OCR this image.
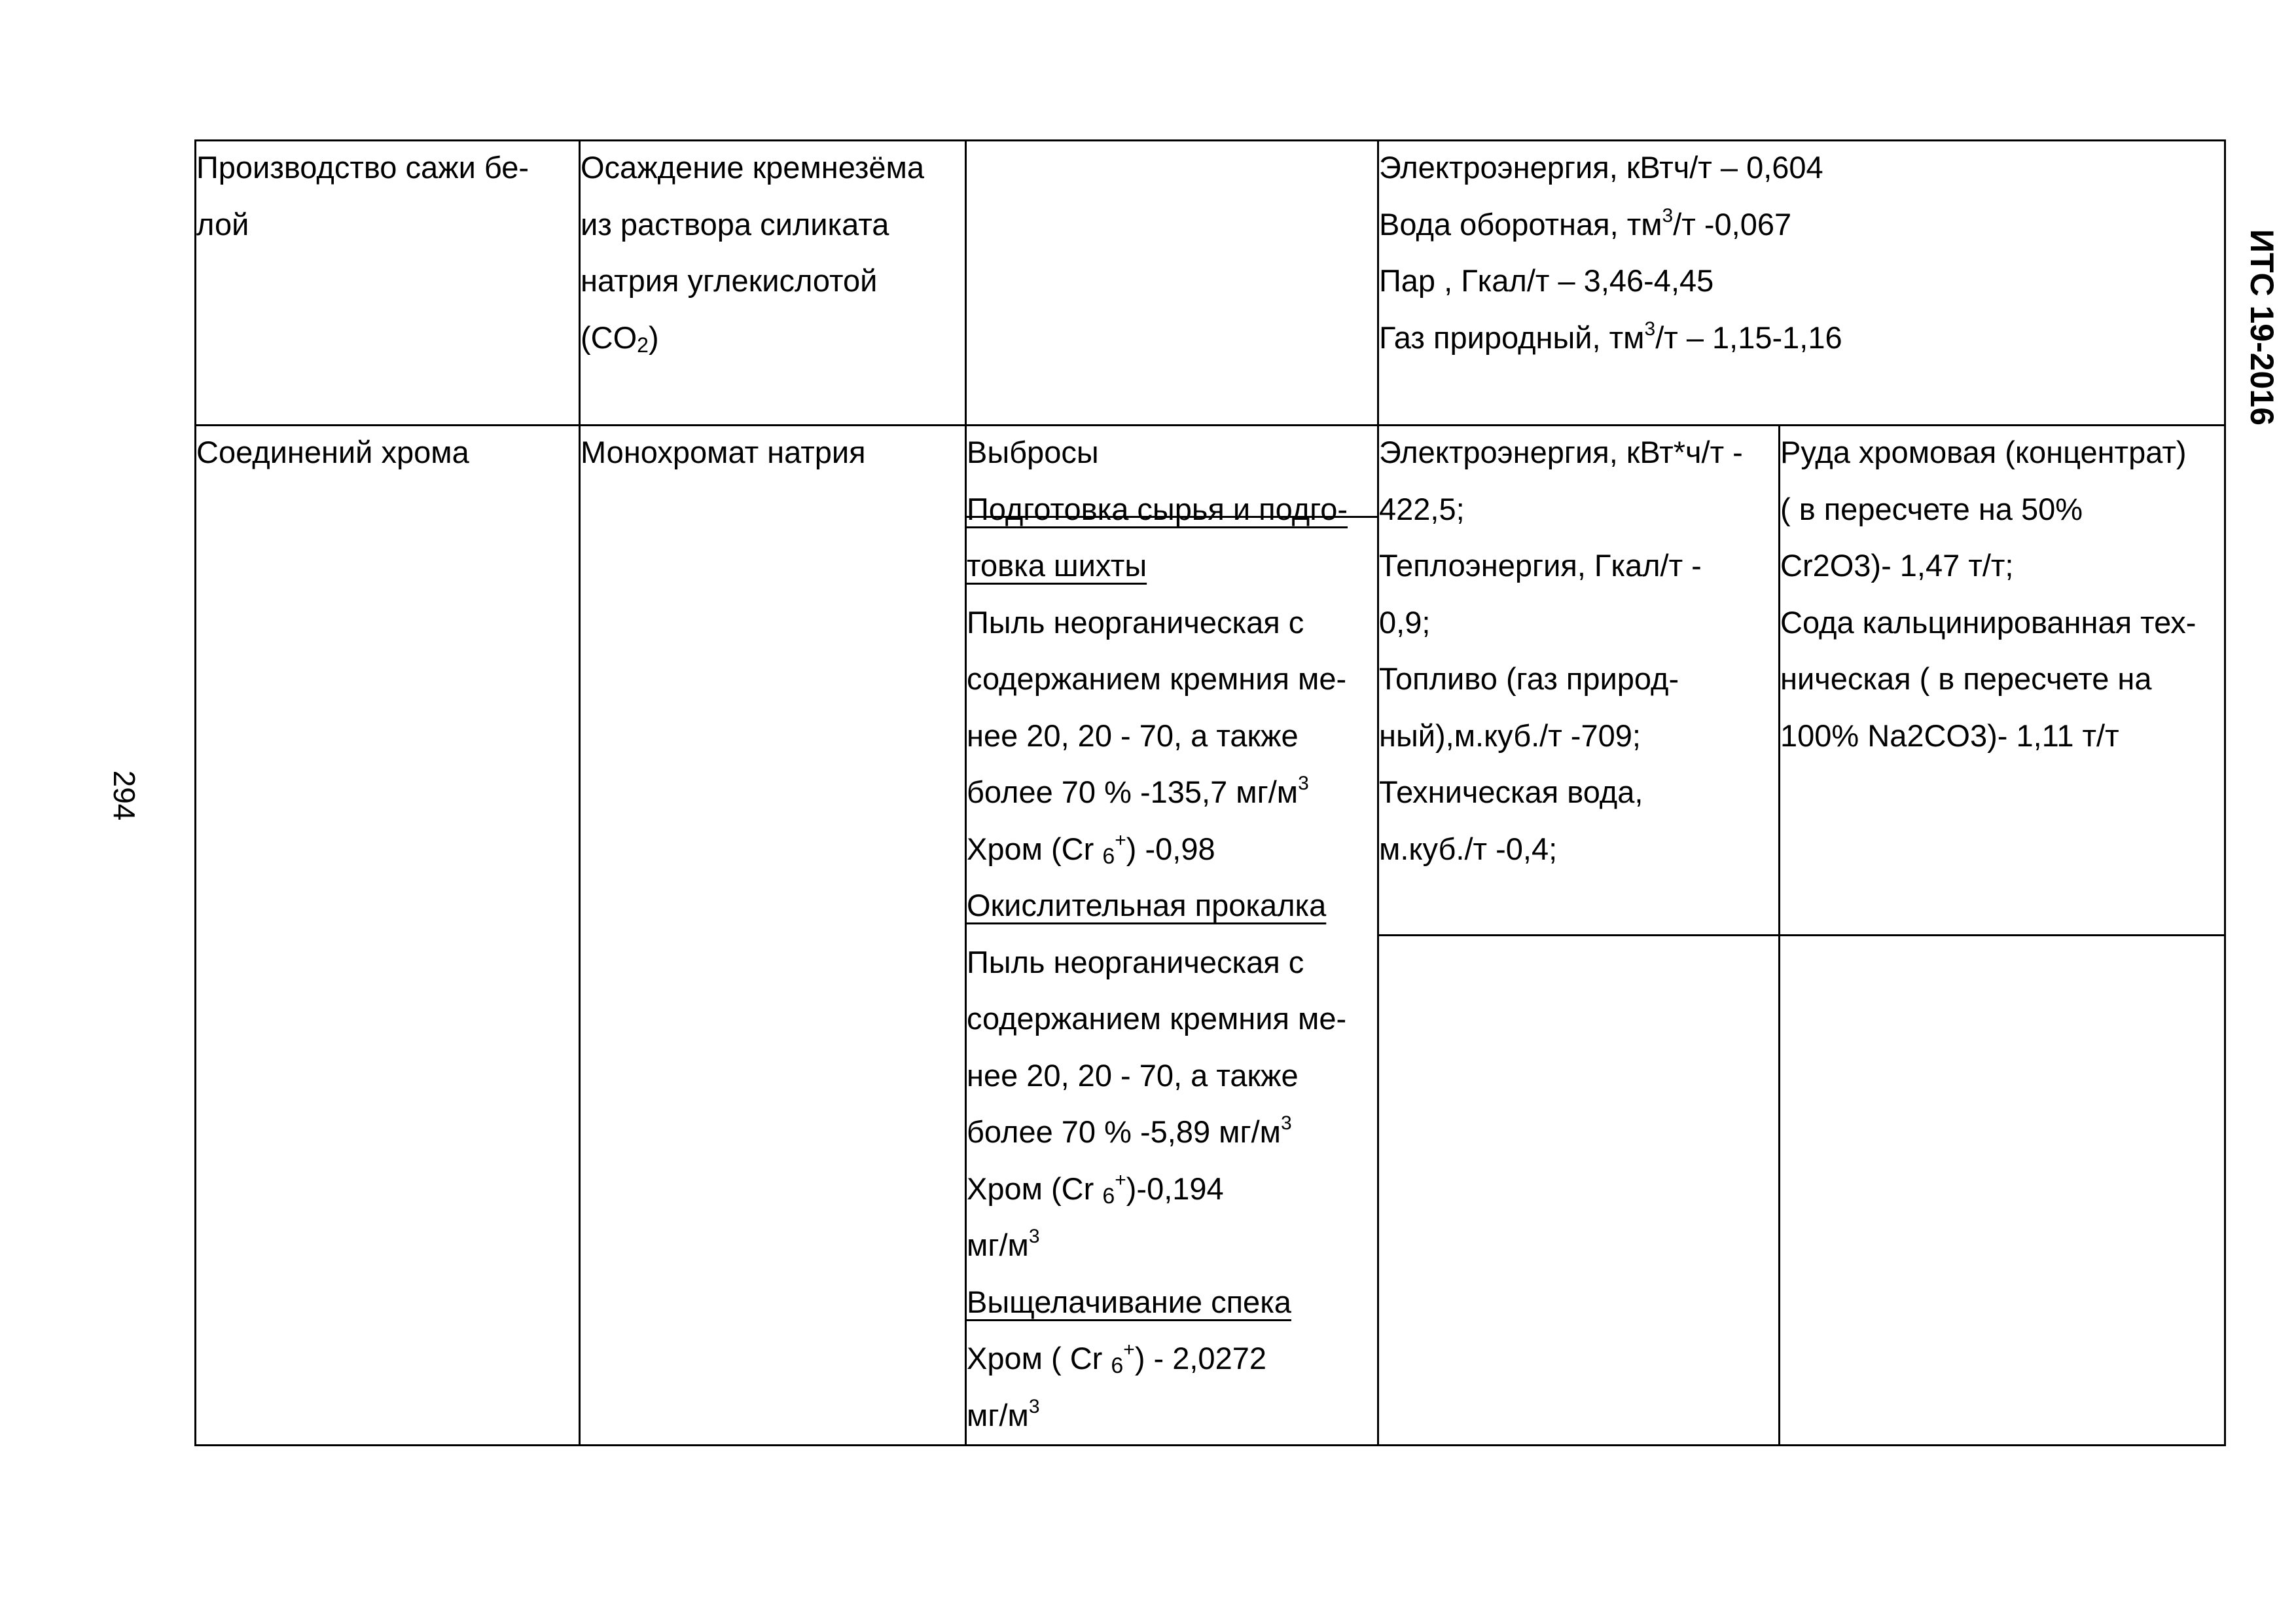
294
ИТС 19-2016
Производство сажи бе-
лой
Осаждение кремнезёма
из раствора силиката
натрия углекислотой
$(CO_2)$
Электроэнергия, кВтч/т – 0,604
Вода оборотная, $тм^3/т$ -0,067
Пар , Гкал/т – 3,46-4,45
Газ природный, $тм^3/т - 1,15-1,16$
Соединений хрома	Монохромат натрия	Выбросы
Подготовка сырья и подго-
товка шихты
Пыль неорганическая с
содержанием кремния ме-
нее 20, 20 - 70, а также
более 70 % -135,7 $мг/м^3$
Хром (Cr $_6$+) -0,98
Окислительная прокалка
Пыль неорганическая с
содержанием кремния ме-
нее 20, 20 - 70, а также
более 70 % -5,89 $мг/м^3$
Хром (Cr $_6$+)-0,194
$мг/м^3$
Выщелачивание спека
Хром ( Cr $_6$+) - 2,0272
$мг/м^3$
Электроэнергия, кВт*ч/т -
422,5;
Теплоэнергия, Гкал/т -
0,9;
Топливо (газ природ-
ный),м.куб./т -709;
Техническая вода,
м.куб./т -0,4;
Руда хромовая (концентрат)
( в пересчете на 50%
Cr2O3)- 1,47 т/т;
Сода кальцинированная тех-
ническая ( в пересчете на
100% Na2CO3)- 1,11 т/т
